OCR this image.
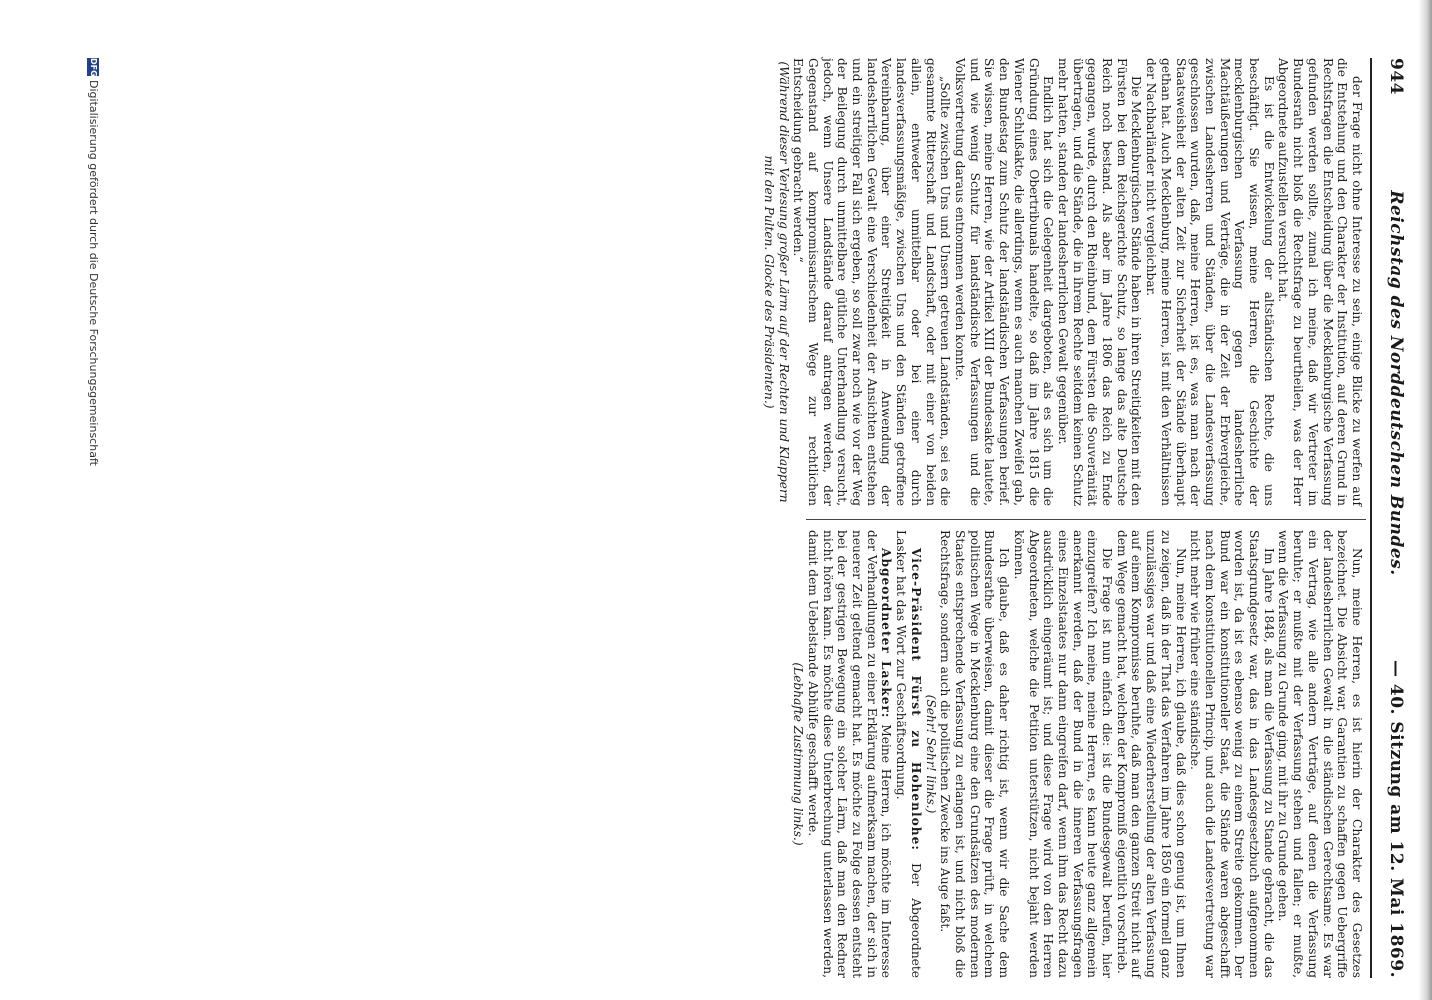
944
Reichstag des Norddeutschen Bundes.
— 40. Sitzung am 12. Mai 1869.

der Frage nicht ohne Interesse zu sein, einige Blicke zu werfen auf die Entstehung und den Charakter der Institution, auf deren Grund in Rechtsfragen die Entscheidung über die Mecklenburgische Verfassung gefunden werden sollte, zumal ich meine, daß wir Vertreter im Bundesrath nicht bloß die Rechtsfrage zu beurtheilen, was der Herr Abgeordnete aufzustellen versucht hat.

Es ist die Entwickelung der altständischen Rechte, die uns beschäftigt. Sie wissen, meine Herren, die Geschichte der mecklenburgischen Verfassung gegen landesherrliche Machtäußerungen und Verträge, die in der Zeit der Erbvergleiche, zwischen Landesherren und Ständen, über die Landesverfassung geschlossen wurden, daß, meine Herren, ist es, was man nach der Staatsweisheit der alten Zeit zur Sicherheit der Stände überhaupt gethan hat. Auch Mecklenburg, meine Herren, ist mit den Verhältnissen der Nachbarländer nicht vergleichbar.

Die Mecklenburgischen Stände haben in ihren Streitigkeiten mit den Fürsten bei dem Reichsgerichte Schutz, so lange das alte Deutsche Reich noch bestand. Als aber im Jahre 1806 das Reich zu Ende gegangen, wurde, durch den Rheinbund, dem Fürsten die Souveränität übertragen, und die Stände, die in ihrem Rechte seitdem keinen Schutz mehr hatten, standen der landesherrlichen Gewalt gegenüber.

Endlich hat sich die Gelegenheit dargeboten, als es sich um die Gründung eines Obertribunals handelte, so daß im Jahre 1815 die Wiener Schlußakte, die allerdings, wenn es auch manchen Zweifel gab, den Bundestag zum Schutz der landständischen Verfassungen berief. Sie wissen, meine Herren, wie der Artikel XIII der Bundesakte lautete, und wie wenig Schutz für landständische Verfassungen und die Volksvertretung daraus entnommen werden konnte.

„Sollte zwischen Uns und Unsern getreuen Landständen, sei es die gesammte Ritterschaft und Landschaft, oder mit einer von beiden allein, entweder unmittelbar oder bei einer durch landesverfassungsmäßige, zwischen Uns und den Ständen getroffene Vereinbarung, über einer Streitigkeit in Anwendung der landesherrlichen Gewalt eine Verschiedenheit der Ansichten entstehen und ein streitiger Fall sich ergeben, so soll zwar noch wie vor der Weg der Beilegung durch unmittelbare gütliche Unterhandlung versucht, jedoch, wenn Unsere Landstände darauf antragen werden, der Gegenstand auf kompromissarischem Wege zur rechtlichen Entscheidung gebracht werden.“

(Während dieser Verlesung großer Lärm auf der Rechten und Klappern mit den Pulten. Glocke des Präsidenten.)

Nun, meine Herren, es ist hierin der Charakter des Gesetzes bezeichnet. Die Absicht war, Garantien zu schaffen gegen Uebergriffe der landesherrlichen Gewalt in die ständischen Gerechtsame. Es war ein Vertrag, wie alle andern Verträge, auf denen die Verfassung beruhte; er mußte mit der Verfassung stehen und fallen; er mußte, wenn die Verfassung zu Grunde ging, mit ihr zu Grunde gehen.

Im Jahre 1848, als man die Verfassung zu Stande gebracht, die das Staatsgrundgesetz war, das in das Landesgesetzbuch aufgenommen worden ist, da ist es ebenso wenig zu einem Streite gekommen. Der Bund war ein konstitutioneller Staat, die Stände waren abgeschafft nach dem konstitutionellen Princip, und auch die Landesvertretung war nicht mehr wie früher eine ständische.

Nun, meine Herren, ich glaube, daß dies schon genug ist, um Ihnen zu zeigen, daß in der That das Verfahren im Jahre 1850 ein formell ganz unzulässiges war und daß eine Wiederherstellung der alten Verfassung auf einem Kompromisse beruhte, daß man den ganzen Streit nicht auf dem Wege gemacht hat, welchen der Kompromiß eigentlich vorschrieb.

Die Frage ist nun einfach die: ist die Bundesgewalt berufen, hier einzugreifen? Ich meine, meine Herren, es kann heute ganz allgemein anerkannt werden, daß der Bund in die inneren Verfassungsfragen eines Einzelstaates nur dann eingreifen darf, wenn ihm das Recht dazu ausdrücklich eingeräumt ist; und diese Frage wird von den Herren Abgeordneten, welche die Petition unterstützen, nicht bejaht werden können.

Ich glaube, daß es daher richtig ist, wenn wir die Sache dem Bundesrathe überweisen, damit dieser die Frage prüft, in welchem politischen Wege in Mecklenburg eine den Grundsätzen des modernen Staates entsprechende Verfassung zu erlangen ist, und nicht bloß die Rechtsfrage, sondern auch die politischen Zwecke ins Auge faßt.

(Sehr! Sehr! links.)

Vice-Präsident Fürst zu Hohenlohe: Der Abgeordnete Lasker hat das Wort zur Geschäftsordnung.

Abgeordneter Lasker: Meine Herren, ich möchte im Interesse der Verhandlungen zu einer Erklärung aufmerksam machen, der sich in neuerer Zeit geltend gemacht hat. Es möchte zu Folge dessen entsteht bei der gestrigen Bewegung ein solcher Lärm, daß man den Redner nicht hören kann. Es möchte diese Unterbrechung unterlassen werden, damit dem Uebelstande Abhülfe geschafft werde.

(Lebhafte Zustimmung links.)

DFGDigitalisierung gefördert durch die Deutsche Forschungsgemeinschaft
